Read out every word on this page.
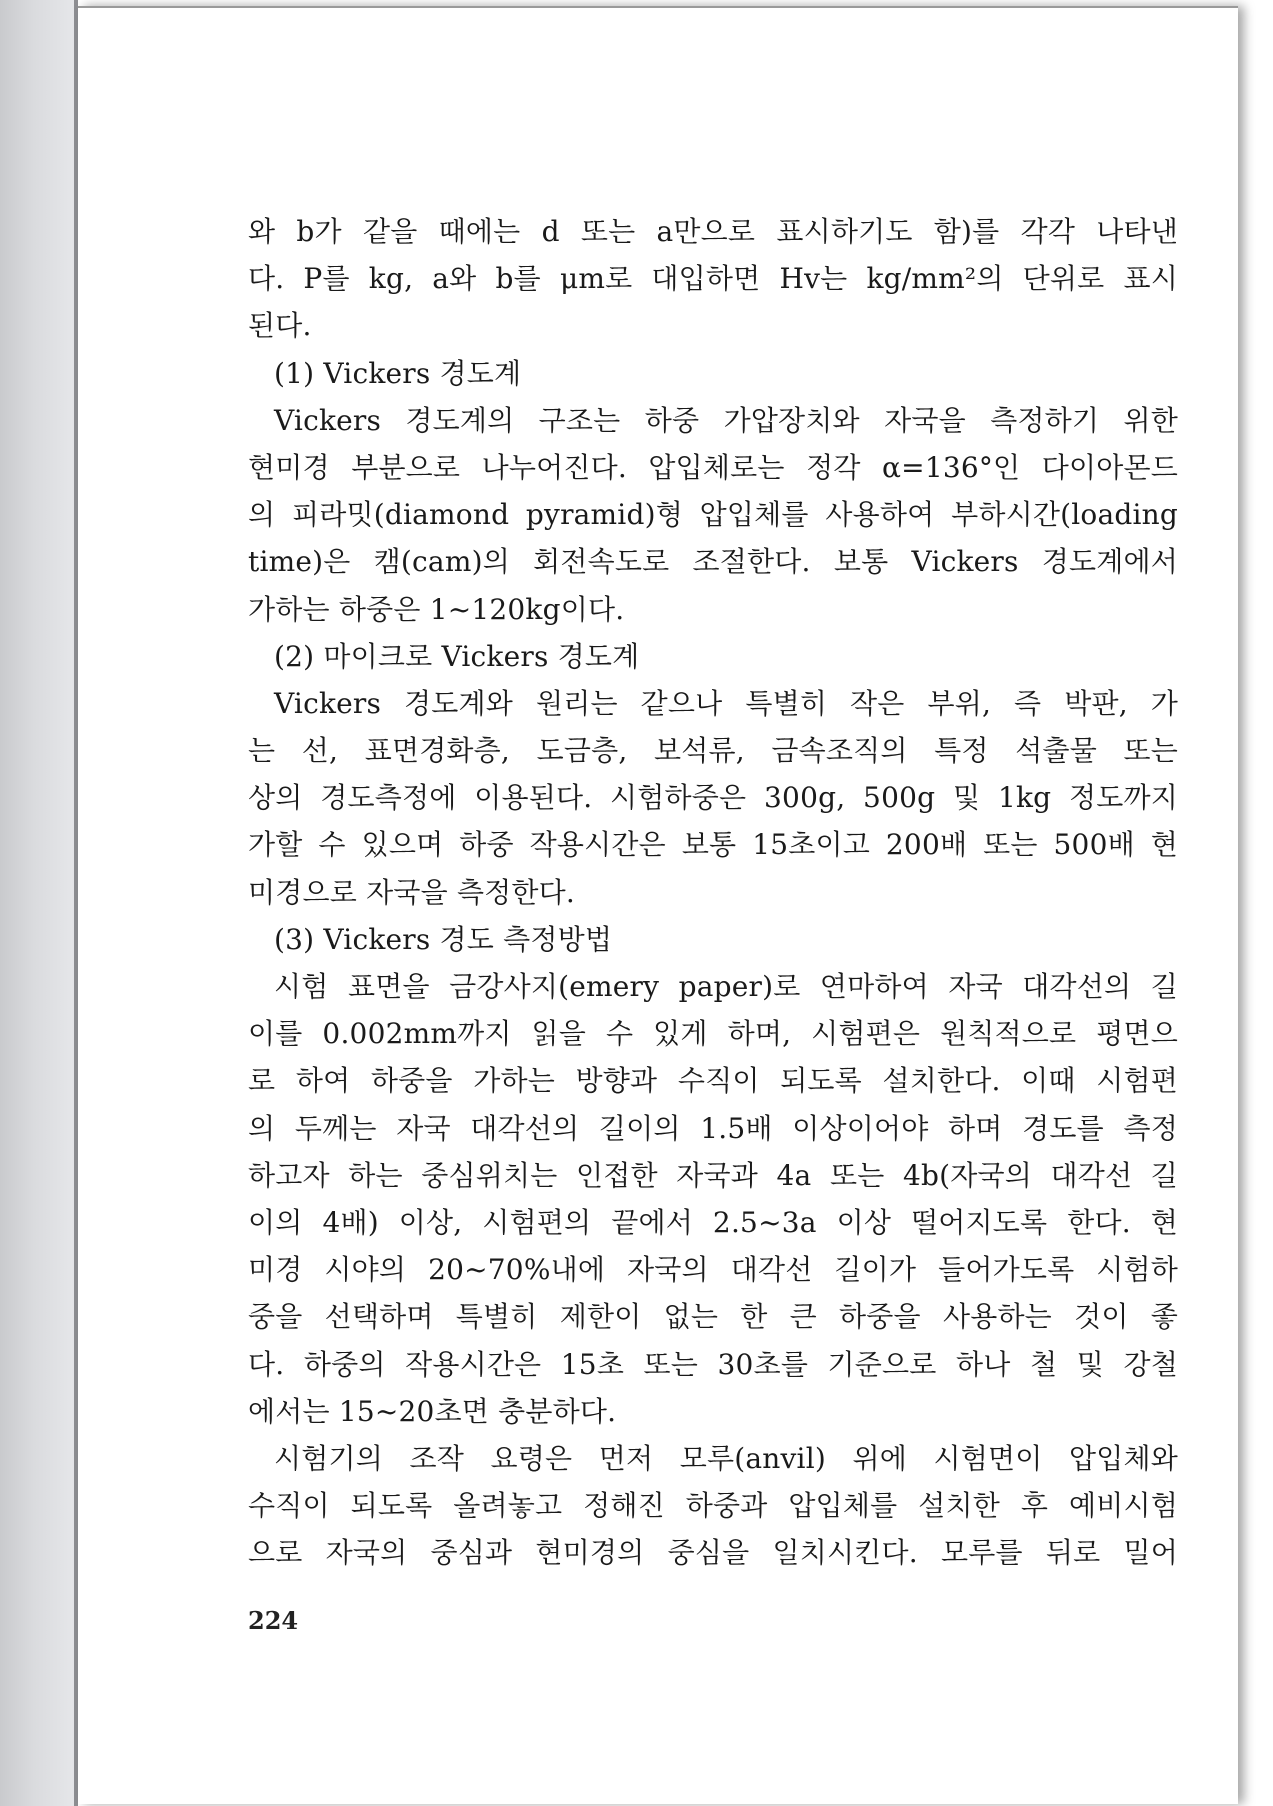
와 b가 같을 때에는 d 또는 a만으로 표시하기도 함)를 각각 나타낸
다. P를 kg, a와 b를 μm로 대입하면 Hv는 kg/mm²의 단위로 표시
된다.
(1) Vickers 경도계
Vickers 경도계의 구조는 하중 가압장치와 자국을 측정하기 위한
현미경 부분으로 나누어진다. 압입체로는 정각 α=136°인 다이아몬드
의 피라밋(diamond pyramid)형 압입체를 사용하여 부하시간(loading
time)은 캠(cam)의 회전속도로 조절한다. 보통 Vickers 경도계에서
가하는 하중은 1~120kg이다.
(2) 마이크로 Vickers 경도계
Vickers 경도계와 원리는 같으나 특별히 작은 부위, 즉 박판, 가
는 선, 표면경화층, 도금층, 보석류, 금속조직의 특정 석출물 또는
상의 경도측정에 이용된다. 시험하중은 300g, 500g 및 1kg 정도까지
가할 수 있으며 하중 작용시간은 보통 15초이고 200배 또는 500배 현
미경으로 자국을 측정한다.
(3) Vickers 경도 측정방법
시험 표면을 금강사지(emery paper)로 연마하여 자국 대각선의 길
이를 0.002mm까지 읽을 수 있게 하며, 시험편은 원칙적으로 평면으
로 하여 하중을 가하는 방향과 수직이 되도록 설치한다. 이때 시험편
의 두께는 자국 대각선의 길이의 1.5배 이상이어야 하며 경도를 측정
하고자 하는 중심위치는 인접한 자국과 4a 또는 4b(자국의 대각선 길
이의 4배) 이상, 시험편의 끝에서 2.5~3a 이상 떨어지도록 한다. 현
미경 시야의 20~70%내에 자국의 대각선 길이가 들어가도록 시험하
중을 선택하며 특별히 제한이 없는 한 큰 하중을 사용하는 것이 좋
다. 하중의 작용시간은 15초 또는 30초를 기준으로 하나 철 및 강철
에서는 15~20초면 충분하다.
시험기의 조작 요령은 먼저 모루(anvil) 위에 시험면이 압입체와
수직이 되도록 올려놓고 정해진 하중과 압입체를 설치한 후 예비시험
으로 자국의 중심과 현미경의 중심을 일치시킨다. 모루를 뒤로 밀어
224
